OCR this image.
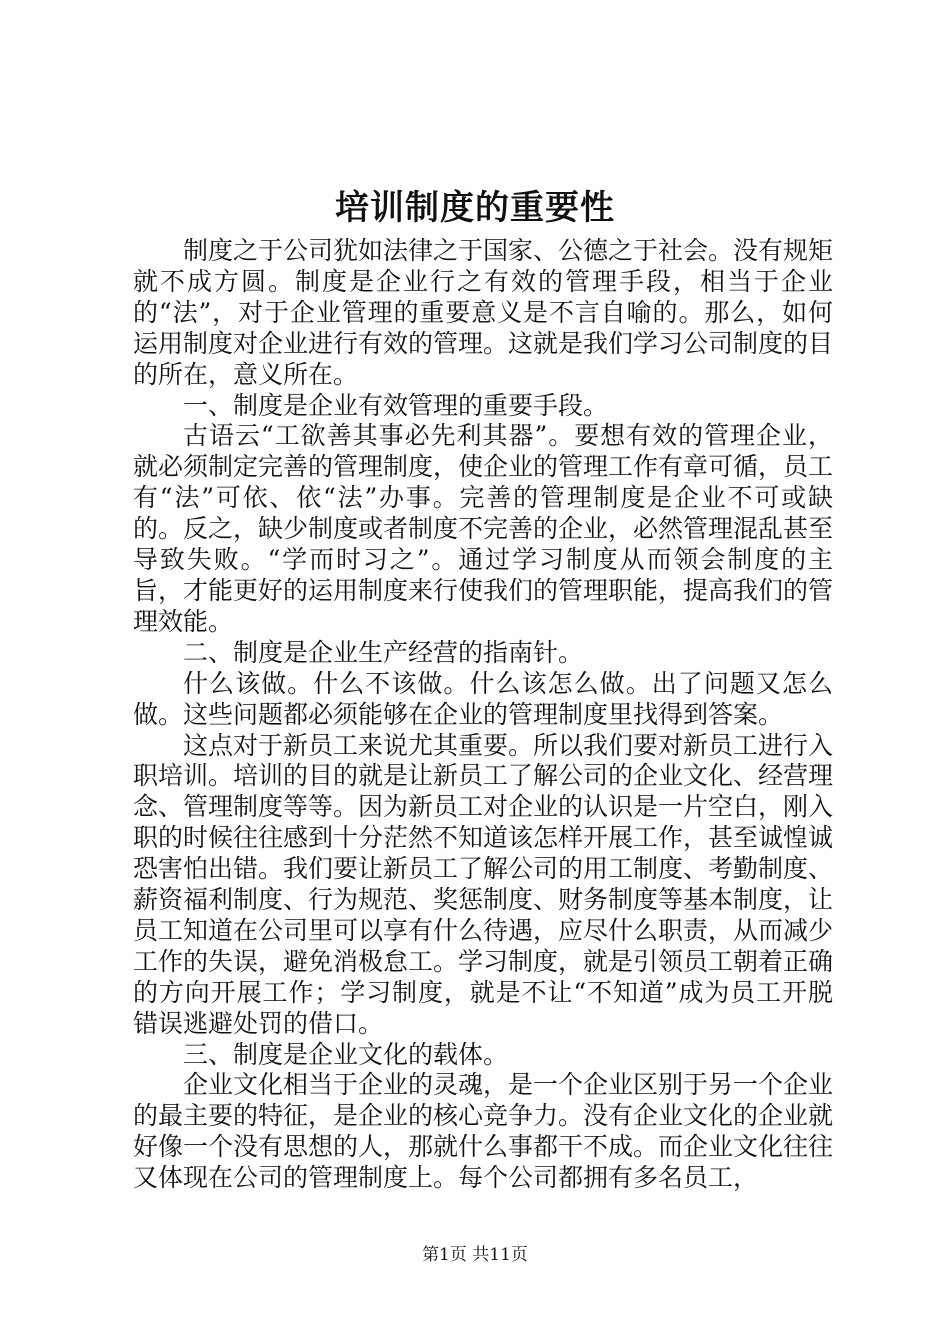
培训制度的重要性

制度之于公司犹如法律之于国家、公德之于社会。没有规矩就不成方圆。制度是企业行之有效的管理手段，相当于企业的“法”，对于企业管理的重要意义是不言自喻的。那么，如何运用制度对企业进行有效的管理。这就是我们学习公司制度的目的所在，意义所在。

一、制度是企业有效管理的重要手段。

古语云“工欲善其事必先利其器”。要想有效的管理企业，就必须制定完善的管理制度，使企业的管理工作有章可循，员工有“法”可依、依“法”办事。完善的管理制度是企业不可或缺的。反之，缺少制度或者制度不完善的企业，必然管理混乱甚至导致失败。“学而时习之”。通过学习制度从而领会制度的主旨，才能更好的运用制度来行使我们的管理职能，提高我们的管理效能。

二、制度是企业生产经营的指南针。

什么该做。什么不该做。什么该怎么做。出了问题又怎么做。这些问题都必须能够在企业的管理制度里找得到答案。

这点对于新员工来说尤其重要。所以我们要对新员工进行入职培训。培训的目的就是让新员工了解公司的企业文化、经营理念、管理制度等等。因为新员工对企业的认识是一片空白，刚入职的时候往往感到十分茫然不知道该怎样开展工作，甚至诚惶诚恐害怕出错。我们要让新员工了解公司的用工制度、考勤制度、薪资福利制度、行为规范、奖惩制度、财务制度等基本制度，让员工知道在公司里可以享有什么待遇，应尽什么职责，从而减少工作的失误，避免消极怠工。学习制度，就是引领员工朝着正确的方向开展工作；学习制度，就是不让“不知道”成为员工开脱错误逃避处罚的借口。

三、制度是企业文化的载体。

企业文化相当于企业的灵魂，是一个企业区别于另一个企业的最主要的特征，是企业的核心竞争力。没有企业文化的企业就好像一个没有思想的人，那就什么事都干不成。而企业文化往往又体现在公司的管理制度上。每个公司都拥有多名员工，

第1页 共11页
